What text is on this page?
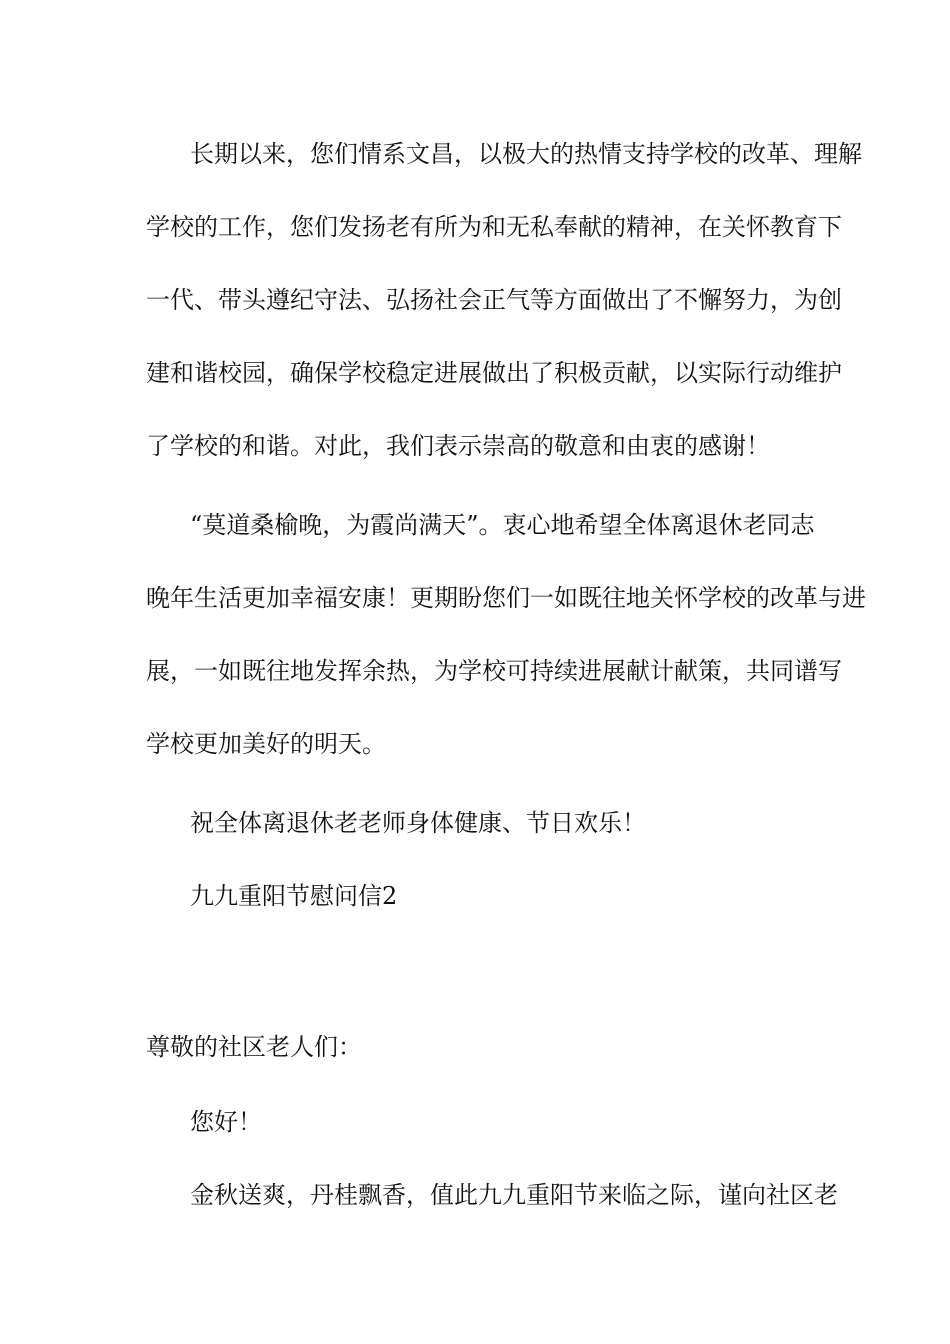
长期以来，您们情系文昌，以极大的热情支持学校的改革、理解
学校的工作，您们发扬老有所为和无私奉献的精神，在关怀教育下
一代、带头遵纪守法、弘扬社会正气等方面做出了不懈努力，为创
建和谐校园，确保学校稳定进展做出了积极贡献，以实际行动维护
了学校的和谐。对此，我们表示崇高的敬意和由衷的感谢！
“莫道桑榆晚，为霞尚满天”。衷心地希望全体离退休老同志
晚年生活更加幸福安康！更期盼您们一如既往地关怀学校的改革与进
展，一如既往地发挥余热，为学校可持续进展献计献策，共同谱写
学校更加美好的明天。
祝全体离退休老老师身体健康、节日欢乐！
九九重阳节慰问信2
尊敬的社区老人们：
您好！
金秋送爽，丹桂飘香，值此九九重阳节来临之际，谨向社区老
